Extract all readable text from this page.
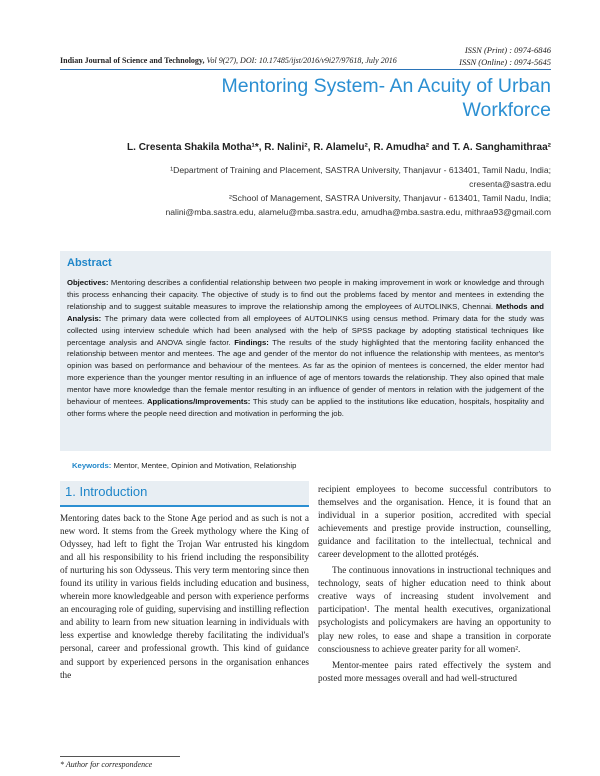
ISSN (Print) : 0974-6846
ISSN (Online) : 0974-5645
Indian Journal of Science and Technology, Vol 9(27), DOI: 10.17485/ijst/2016/v9i27/97618, July 2016
Mentoring System- An Acuity of Urban Workforce
L. Cresenta Shakila Motha¹*, R. Nalini², R. Alamelu², R. Amudha² and T. A. Sanghamithraa²
¹Department of Training and Placement, SASTRA University, Thanjavur - 613401, Tamil Nadu, India;
cresenta@sastra.edu
²School of Management, SASTRA University, Thanjavur - 613401, Tamil Nadu, India;
nalini@mba.sastra.edu, alamelu@mba.sastra.edu, amudha@mba.sastra.edu, mithraa93@gmail.com
Abstract
Objectives: Mentoring describes a confidential relationship between two people in making improvement in work or knowledge and through this process enhancing their capacity. The objective of study is to find out the problems faced by mentor and mentees in extending the relationship and to suggest suitable measures to improve the relationship among the employees of AUTOLINKS, Chennai. Methods and Analysis: The primary data were collected from all employees of AUTOLINKS using census method. Primary data for the study was collected using interview schedule which had been analysed with the help of SPSS package by adopting statistical techniques like percentage analysis and ANOVA single factor. Findings: The results of the study highlighted that the mentoring facility enhanced the relationship between mentor and mentees. The age and gender of the mentor do not influence the relationship with mentees, as mentor's opinion was based on performance and behaviour of the mentees. As far as the opinion of mentees is concerned, the elder mentor had more experience than the younger mentor resulting in an influence of age of mentors towards the relationship. They also opined that male mentor have more knowledge than the female mentor resulting in an influence of gender of mentors in relation with the judgement of the behaviour of mentees. Applications/Improvements: This study can be applied to the institutions like education, hospitals, hospitality and other forms where the people need direction and motivation in performing the job.
Keywords: Mentor, Mentee, Opinion and Motivation, Relationship
1. Introduction

Mentoring dates back to the Stone Age period and as such is not a new word. It stems from the Greek mythology where the King of Odyssey, had left to fight the Trojan War entrusted his kingdom and all his responsibility to his friend including the responsibility of nurturing his son Odysseus. This very term mentoring since then found its utility in various fields including education and business, wherein more knowledgeable and person with experience performs an encouraging role of guiding, supervising and instilling reflection and ability to learn from new situation learning in individuals with less expertise and knowledge thereby facilitating the individual's personal, career and professional growth. This kind of guidance and support by experienced persons in the organisation enhances the

recipient employees to become successful contributors to themselves and the organisation. Hence, it is found that an individual in a superior position, accredited with special achievements and prestige provide instruction, counselling, guidance and facilitation to the intellectual, technical and career development to the allotted protégés.

The continuous innovations in instructional techniques and technology, seats of higher education need to think about creative ways of increasing student involvement and participation¹. The mental health executives, organizational psychologists and policymakers are having an opportunity to play new roles, to ease and shape a transition in corporate consciousness to achieve greater parity for all women².

Mentor-mentee pairs rated effectively the system and posted more messages overall and had well-structured

* Author for correspondence
